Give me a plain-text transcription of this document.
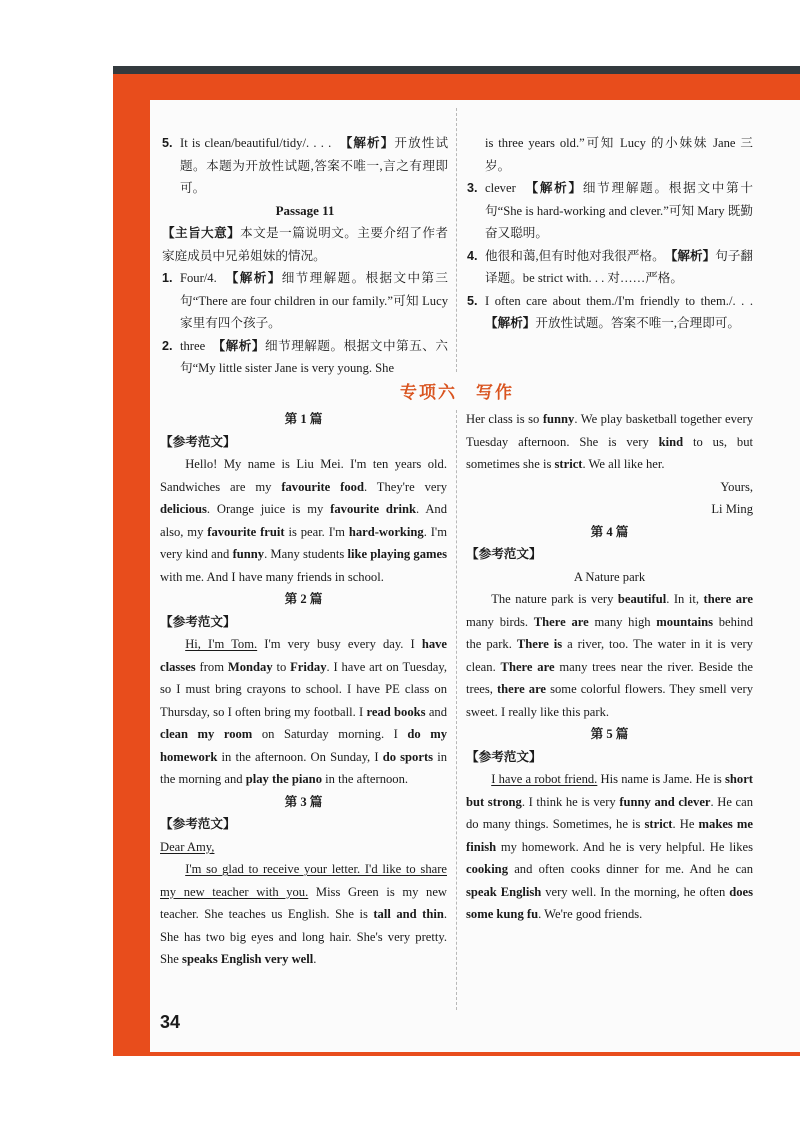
5. It is clean/beautiful/tidy/. . . .　 【解析】开放性试题。本题为开放性试题,答案不唯一,言之有理即可。

Passage 11

【主旨大意】本文是一篇说明文。主要介绍了作者家庭成员中兄弟姐妹的情况。

1. Four/4.　 【解析】细节理解题。根据文中第三句“There are four children in our family.”可知 Lucy 家里有四个孩子。
2. three　 【解析】细节理解题。根据文中第五、六句“My little sister Jane is very young. She

is three years old.”可知 Lucy 的小妹妹 Jane 三岁。

3. clever　 【解析】细节理解题。根据文中第十句“She is hard-working and clever.”可知 Mary 既勤奋又聪明。
4. 他很和蔼,但有时他对我很严格。　 【解析】句子翻译题。be strict with. . . 对……严格。
5. I often care about them./I'm friendly to them./. . .　【解析】开放性试题。答案不唯一,合理即可。
专项六　写作

第 1 篇

【参考范文】

Hello! My name is Liu Mei. I'm ten years old. Sandwiches are my favourite food. They're very delicious. Orange juice is my favourite drink. And also, my favourite fruit is pear. I'm hard-working. I'm very kind and funny. Many students like playing games with me. And I have many friends in school.

第 2 篇

【参考范文】

Hi, I'm Tom. I'm very busy every day. I have classes from Monday to Friday. I have art on Tuesday, so I must bring crayons to school. I have PE class on Thursday, so I often bring my football. I read books and clean my room on Saturday morning. I do my homework in the afternoon. On Sunday, I do sports in the morning and play the piano in the afternoon.

第 3 篇

【参考范文】

Dear Amy,

I'm so glad to receive your letter. I'd like to share my new teacher with you. Miss Green is my new teacher. She teaches us English. She is tall and thin. She has two big eyes and long hair. She's very pretty. She speaks English very well.

Her class is so funny. We play basketball together every Tuesday afternoon. She is very kind to us, but sometimes she is strict. We all like her.

Yours,

Li Ming

第 4 篇

【参考范文】

A Nature park

The nature park is very beautiful. In it, there are many birds. There are many high mountains behind the park. There is a river, too. The water in it is very clean. There are many trees near the river. Beside the trees, there are some colorful flowers. They smell very sweet. I really like this park.

第 5 篇

【参考范文】

I have a robot friend. His name is Jame. He is short but strong. I think he is very funny and clever. He can do many things. Sometimes, he is strict. He makes me finish my homework. And he is very helpful. He likes cooking and often cooks dinner for me. And he can speak English very well. In the morning, he often does some kung fu. We're good friends.

34
